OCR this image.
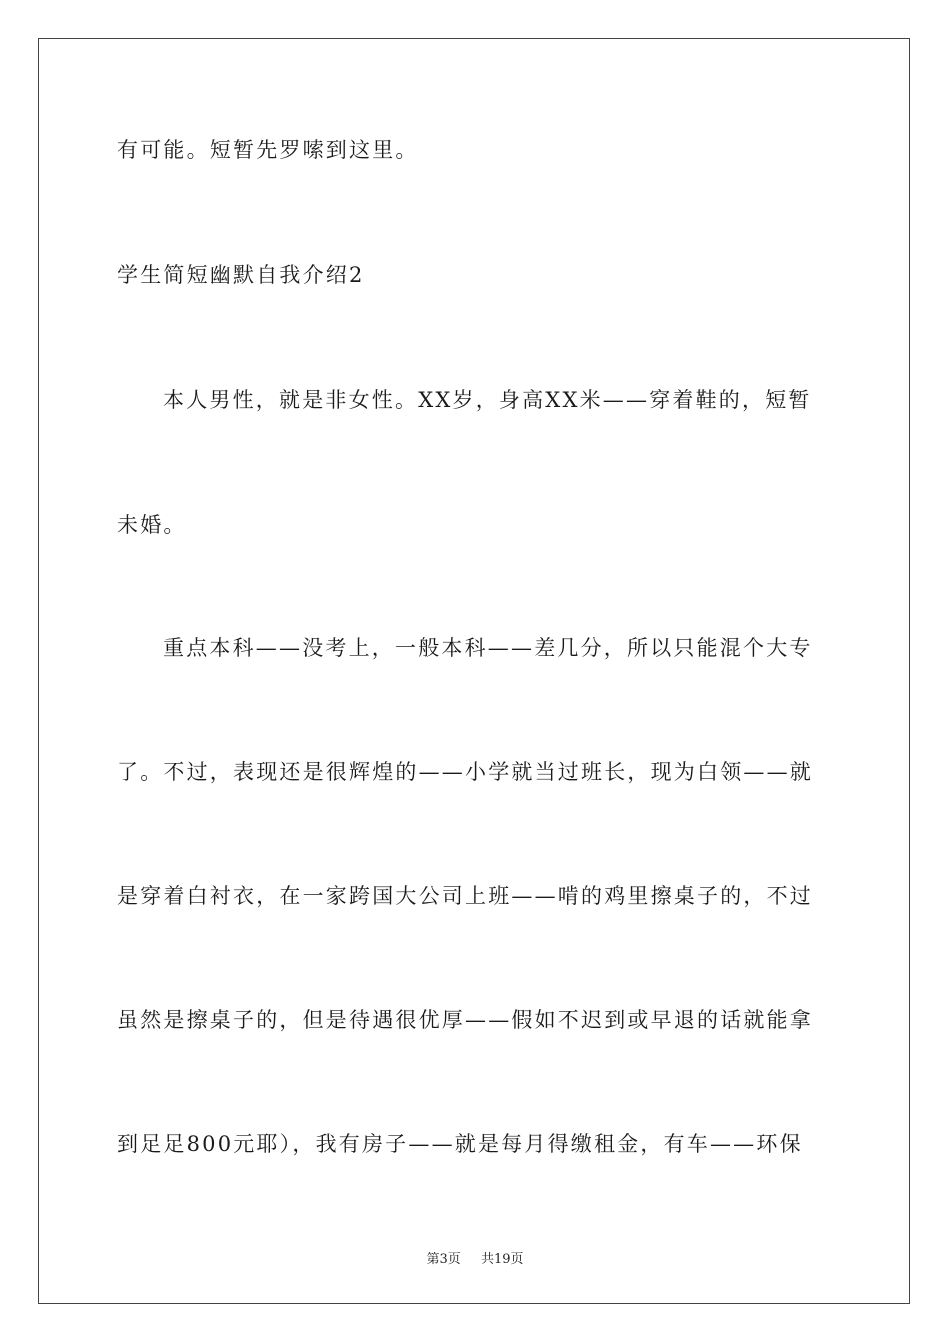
有可能。短暂先罗嗦到这里。
学生简短幽默自我介绍2
本人男性，就是非女性。XX岁，身高XX米——穿着鞋的，短暂
未婚。
重点本科——没考上，一般本科——差几分，所以只能混个大专
了。不过，表现还是很辉煌的——小学就当过班长，现为白领——就
是穿着白衬衣，在一家跨国大公司上班——啃的鸡里擦桌子的，不过
虽然是擦桌子的，但是待遇很优厚——假如不迟到或早退的话就能拿
到足足800元耶），我有房子——就是每月得缴租金，有车——环保
第3页 共19页
